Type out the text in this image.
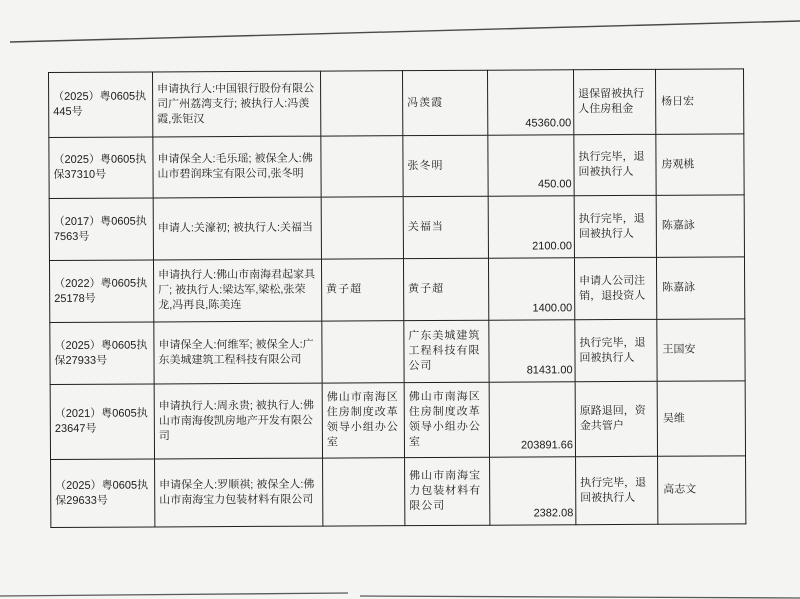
（2025）粤0605执445号	申请执行人:中国银行股份有限公司广州荔湾支行; 被执行人:冯羡霞,张钜汉		冯羡霞	45360.00	退保留被执行人住房租金	杨日宏
（2025）粤0605执保37310号	申请保全人:毛乐瑶; 被保全人:佛山市碧润珠宝有限公司,张冬明		张冬明	450.00	执行完毕，退回被执行人	房观桃
（2017）粤0605执7563号	申请人:关濠初; 被执行人:关福当		关福当	2100.00	执行完毕，退回被执行人	陈嘉詠
（2022）粤0605执25178号	申请执行人:佛山市南海君起家具厂; 被执行人:梁达军,梁松,张荣龙,冯再良,陈美连	黄子超	黄子超	1400.00	申请人公司注销，退投资人	陈嘉詠
（2025）粤0605执保27933号	申请保全人:何维军; 被保全人:广东美城建筑工程科技有限公司		广东美城建筑工程科技有限公司	81431.00	执行完毕，退回被执行人	王国安
（2021）粤0605执23647号	申请执行人:周永贵; 被执行人:佛山市南海俊凯房地产开发有限公司	佛山市南海区住房制度改革领导小组办公室	佛山市南海区住房制度改革领导小组办公室	203891.66	原路退回，资金共管户	吴维
（2025）粤0605执保29633号	申请保全人:罗顺祺; 被保全人:佛山市南海宝力包装材料有限公司		佛山市南海宝力包装材料有限公司	2382.08	执行完毕，退回被执行人	高志文
